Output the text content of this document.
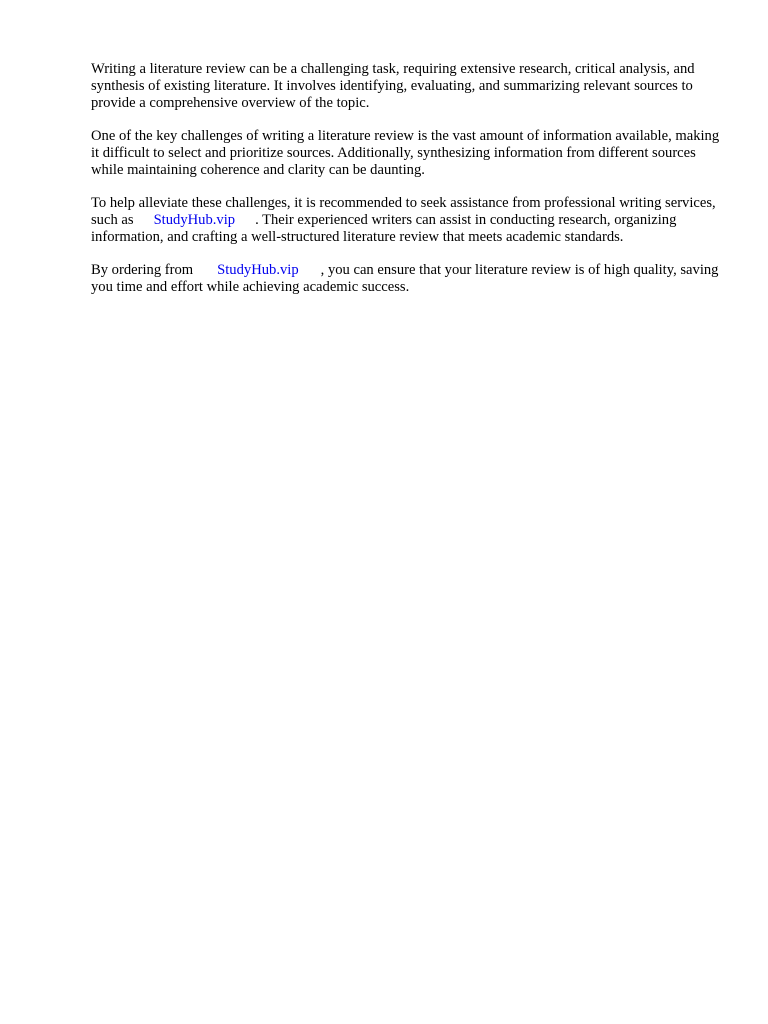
Writing a literature review can be a challenging task, requiring extensive research, critical analysis, and synthesis of existing literature. It involves identifying, evaluating, and summarizing relevant sources to provide a comprehensive overview of the topic.

One of the key challenges of writing a literature review is the vast amount of information available, making it difficult to select and prioritize sources. Additionally, synthesizing information from different sources while maintaining coherence and clarity can be daunting.

To help alleviate these challenges, it is recommended to seek assistance from professional writing services, such as StudyHub.vip . Their experienced writers can assist in conducting research, organizing information, and crafting a well-structured literature review that meets academic standards.

By ordering from StudyHub.vip , you can ensure that your literature review is of high quality, saving you time and effort while achieving academic success.
